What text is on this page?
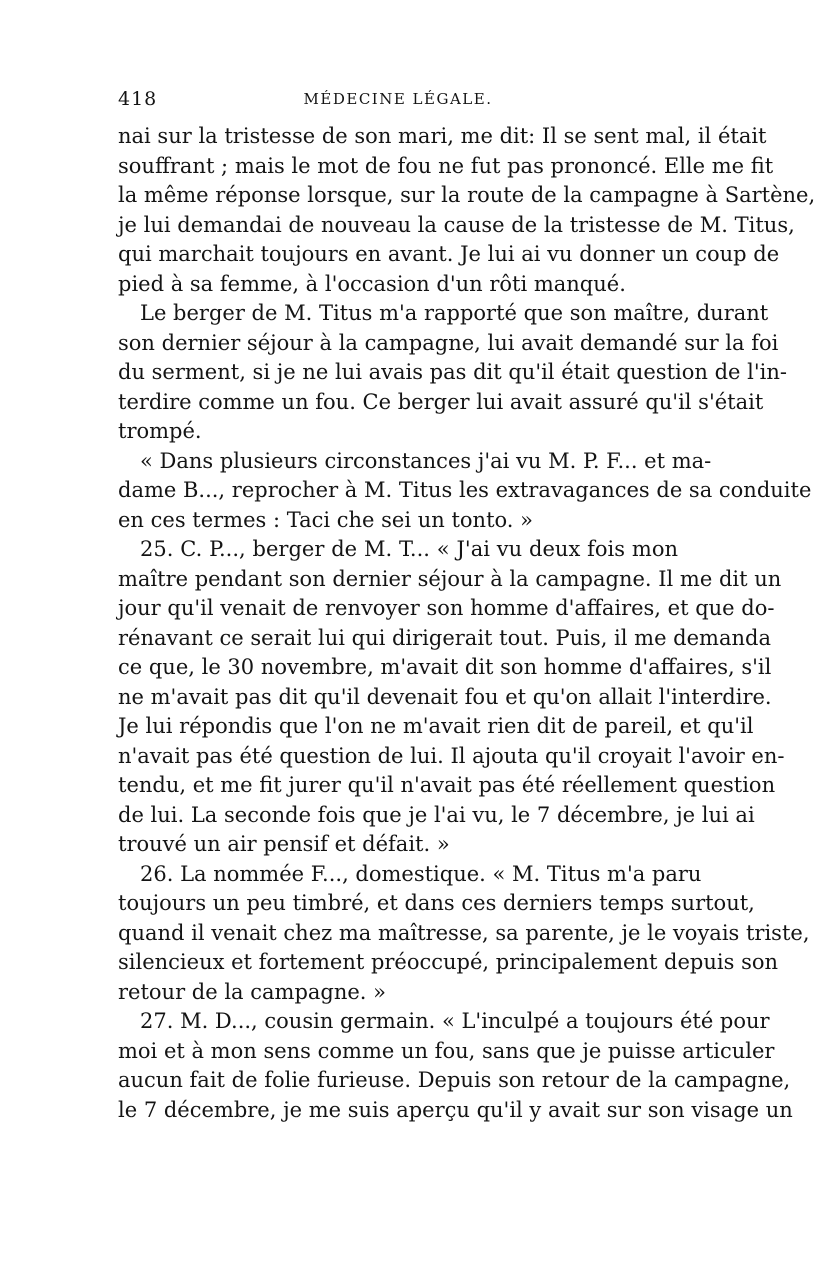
418	MÉDECINE LÉGALE.
nai sur la tristesse de son mari, me dit: Il se sent mal, il était
souffrant ; mais le mot de fou ne fut pas prononcé. Elle me fit
la même réponse lorsque, sur la route de la campagne à Sartène,
je lui demandai de nouveau la cause de la tristesse de M. Titus,
qui marchait toujours en avant. Je lui ai vu donner un coup de
pied à sa femme, à l'occasion d'un rôti manqué.
Le berger de M. Titus m'a rapporté que son maître, durant
son dernier séjour à la campagne, lui avait demandé sur la foi
du serment, si je ne lui avais pas dit qu'il était question de l'in-
terdire comme un fou. Ce berger lui avait assuré qu'il s'était
trompé.
« Dans plusieurs circonstances j'ai vu M. P. F... et ma-
dame B..., reprocher à M. Titus les extravagances de sa conduite
en ces termes : Taci che sei un tonto. »
25. C. P..., berger de M. T... « J'ai vu deux fois mon
maître pendant son dernier séjour à la campagne. Il me dit un
jour qu'il venait de renvoyer son homme d'affaires, et que do-
rénavant ce serait lui qui dirigerait tout. Puis, il me demanda
ce que, le 30 novembre, m'avait dit son homme d'affaires, s'il
ne m'avait pas dit qu'il devenait fou et qu'on allait l'interdire.
Je lui répondis que l'on ne m'avait rien dit de pareil, et qu'il
n'avait pas été question de lui. Il ajouta qu'il croyait l'avoir en-
tendu, et me fit jurer qu'il n'avait pas été réellement question
de lui. La seconde fois que je l'ai vu, le 7 décembre, je lui ai
trouvé un air pensif et défait. »
26. La nommée F..., domestique. « M. Titus m'a paru
toujours un peu timbré, et dans ces derniers temps surtout,
quand il venait chez ma maîtresse, sa parente, je le voyais triste,
silencieux et fortement préoccupé, principalement depuis son
retour de la campagne. »
27. M. D..., cousin germain. « L'inculpé a toujours été pour
moi et à mon sens comme un fou, sans que je puisse articuler
aucun fait de folie furieuse. Depuis son retour de la campagne,
le 7 décembre, je me suis aperçu qu'il y avait sur son visage un
